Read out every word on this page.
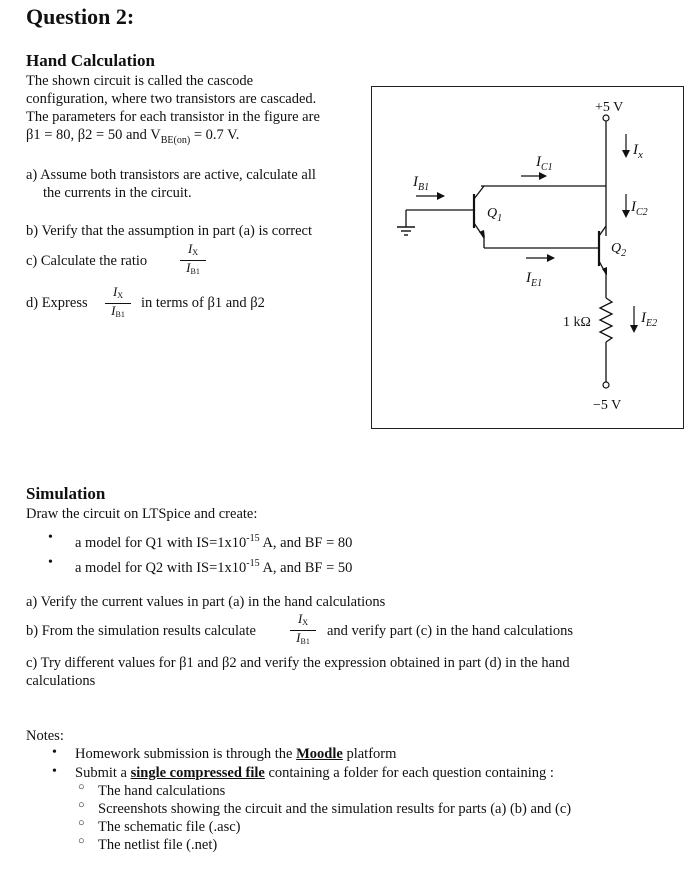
Question 2:
Hand Calculation
The shown circuit is called the cascode
configuration, where two transistors are cascaded.
The parameters for each transistor in the figure are
β1 = 80, β2 = 50 and $V_{BE(on)} = 0.7$ V.
a) Assume both transistors are active, calculate all
the currents in the circuit.
b) Verify that the assumption in part (a) is correct
c) Calculate the ratio	$\frac{I_X}{I_{B1}}$
d) Express $\frac{I_X}{I_{B1}}$ in terms of β1 and β2
+5 V
$I_x$
$I_{C1}$
$Q_1$
$I_{B1}$
$I_{E1}$
$Q_2$
$I_{C2}$
1 kΩ	$I_{E2}$
−5 V
Simulation
Draw the circuit on LTSpice and create:
• a model for Q1 with $IS=1x10^{-15}$ A, and BF = 80
• a model for Q2 with $IS=1x10^{-15}$ A, and BF = 50
a) Verify the current values in part (a) in the hand calculations
b) From the simulation results calculate	$\frac{I_X}{I_{B1}}$ and verify part (c) in the hand calculations
c) Try different values for β1 and β2 and verify the expression obtained in part (d) in the hand
calculations
Notes:
• Homework submission is through the Moodle platform
• Submit a single compressed file containing a folder for each question containing :
○ The hand calculations
○ Screenshots showing the circuit and the simulation results for parts (a) (b) and (c)
○ The schematic file (.asc)
○ The netlist file (.net)
